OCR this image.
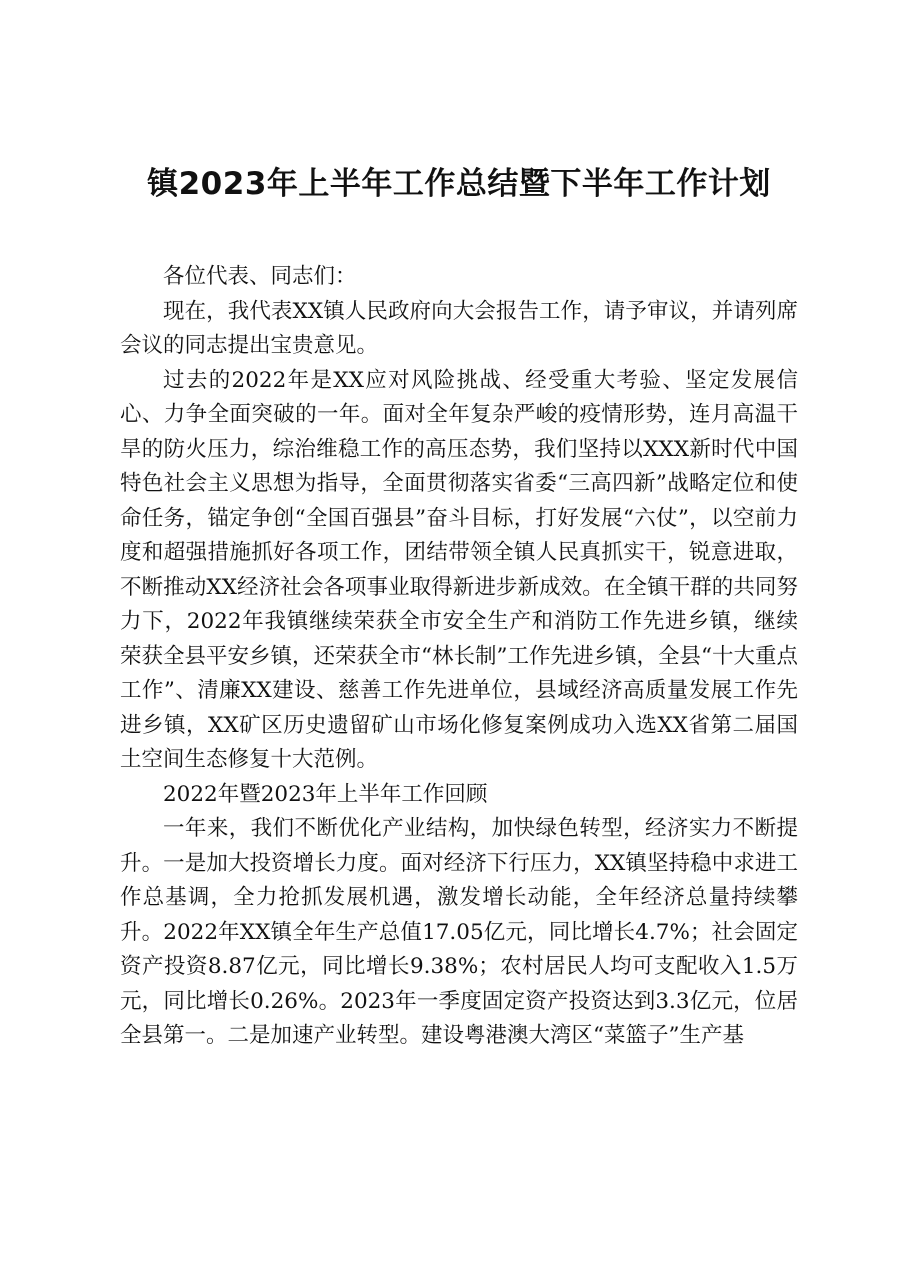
镇2023年上半年工作总结暨下半年工作计划

各位代表、同志们：

现在，我代表XX镇人民政府向大会报告工作，请予审议，并请列席会议的同志提出宝贵意见。

过去的2022年是XX应对风险挑战、经受重大考验、坚定发展信心、力争全面突破的一年。面对全年复杂严峻的疫情形势，连月高温干旱的防火压力，综治维稳工作的高压态势，我们坚持以XXX新时代中国特色社会主义思想为指导，全面贯彻落实省委“三高四新”战略定位和使命任务，锚定争创“全国百强县”奋斗目标，打好发展“六仗”，以空前力度和超强措施抓好各项工作，团结带领全镇人民真抓实干，锐意进取，不断推动XX经济社会各项事业取得新进步新成效。在全镇干群的共同努力下，2022年我镇继续荣获全市安全生产和消防工作先进乡镇，继续荣获全县平安乡镇，还荣获全市“林长制”工作先进乡镇，全县“十大重点工作”、清廉XX建设、慈善工作先进单位，县域经济高质量发展工作先进乡镇，XX矿区历史遗留矿山市场化修复案例成功入选XX省第二届国土空间生态修复十大范例。

2022年暨2023年上半年工作回顾

一年来，我们不断优化产业结构，加快绿色转型，经济实力不断提升。一是加大投资增长力度。面对经济下行压力，XX镇坚持稳中求进工作总基调，全力抢抓发展机遇，激发增长动能，全年经济总量持续攀升。2022年XX镇全年生产总值17.05亿元，同比增长4.7%；社会固定资产投资8.87亿元，同比增长9.38%；农村居民人均可支配收入1.5万元，同比增长0.26%。2023年一季度固定资产投资达到3.3亿元，位居全县第一。二是加速产业转型。建设粤港澳大湾区“菜篮子”生产基
